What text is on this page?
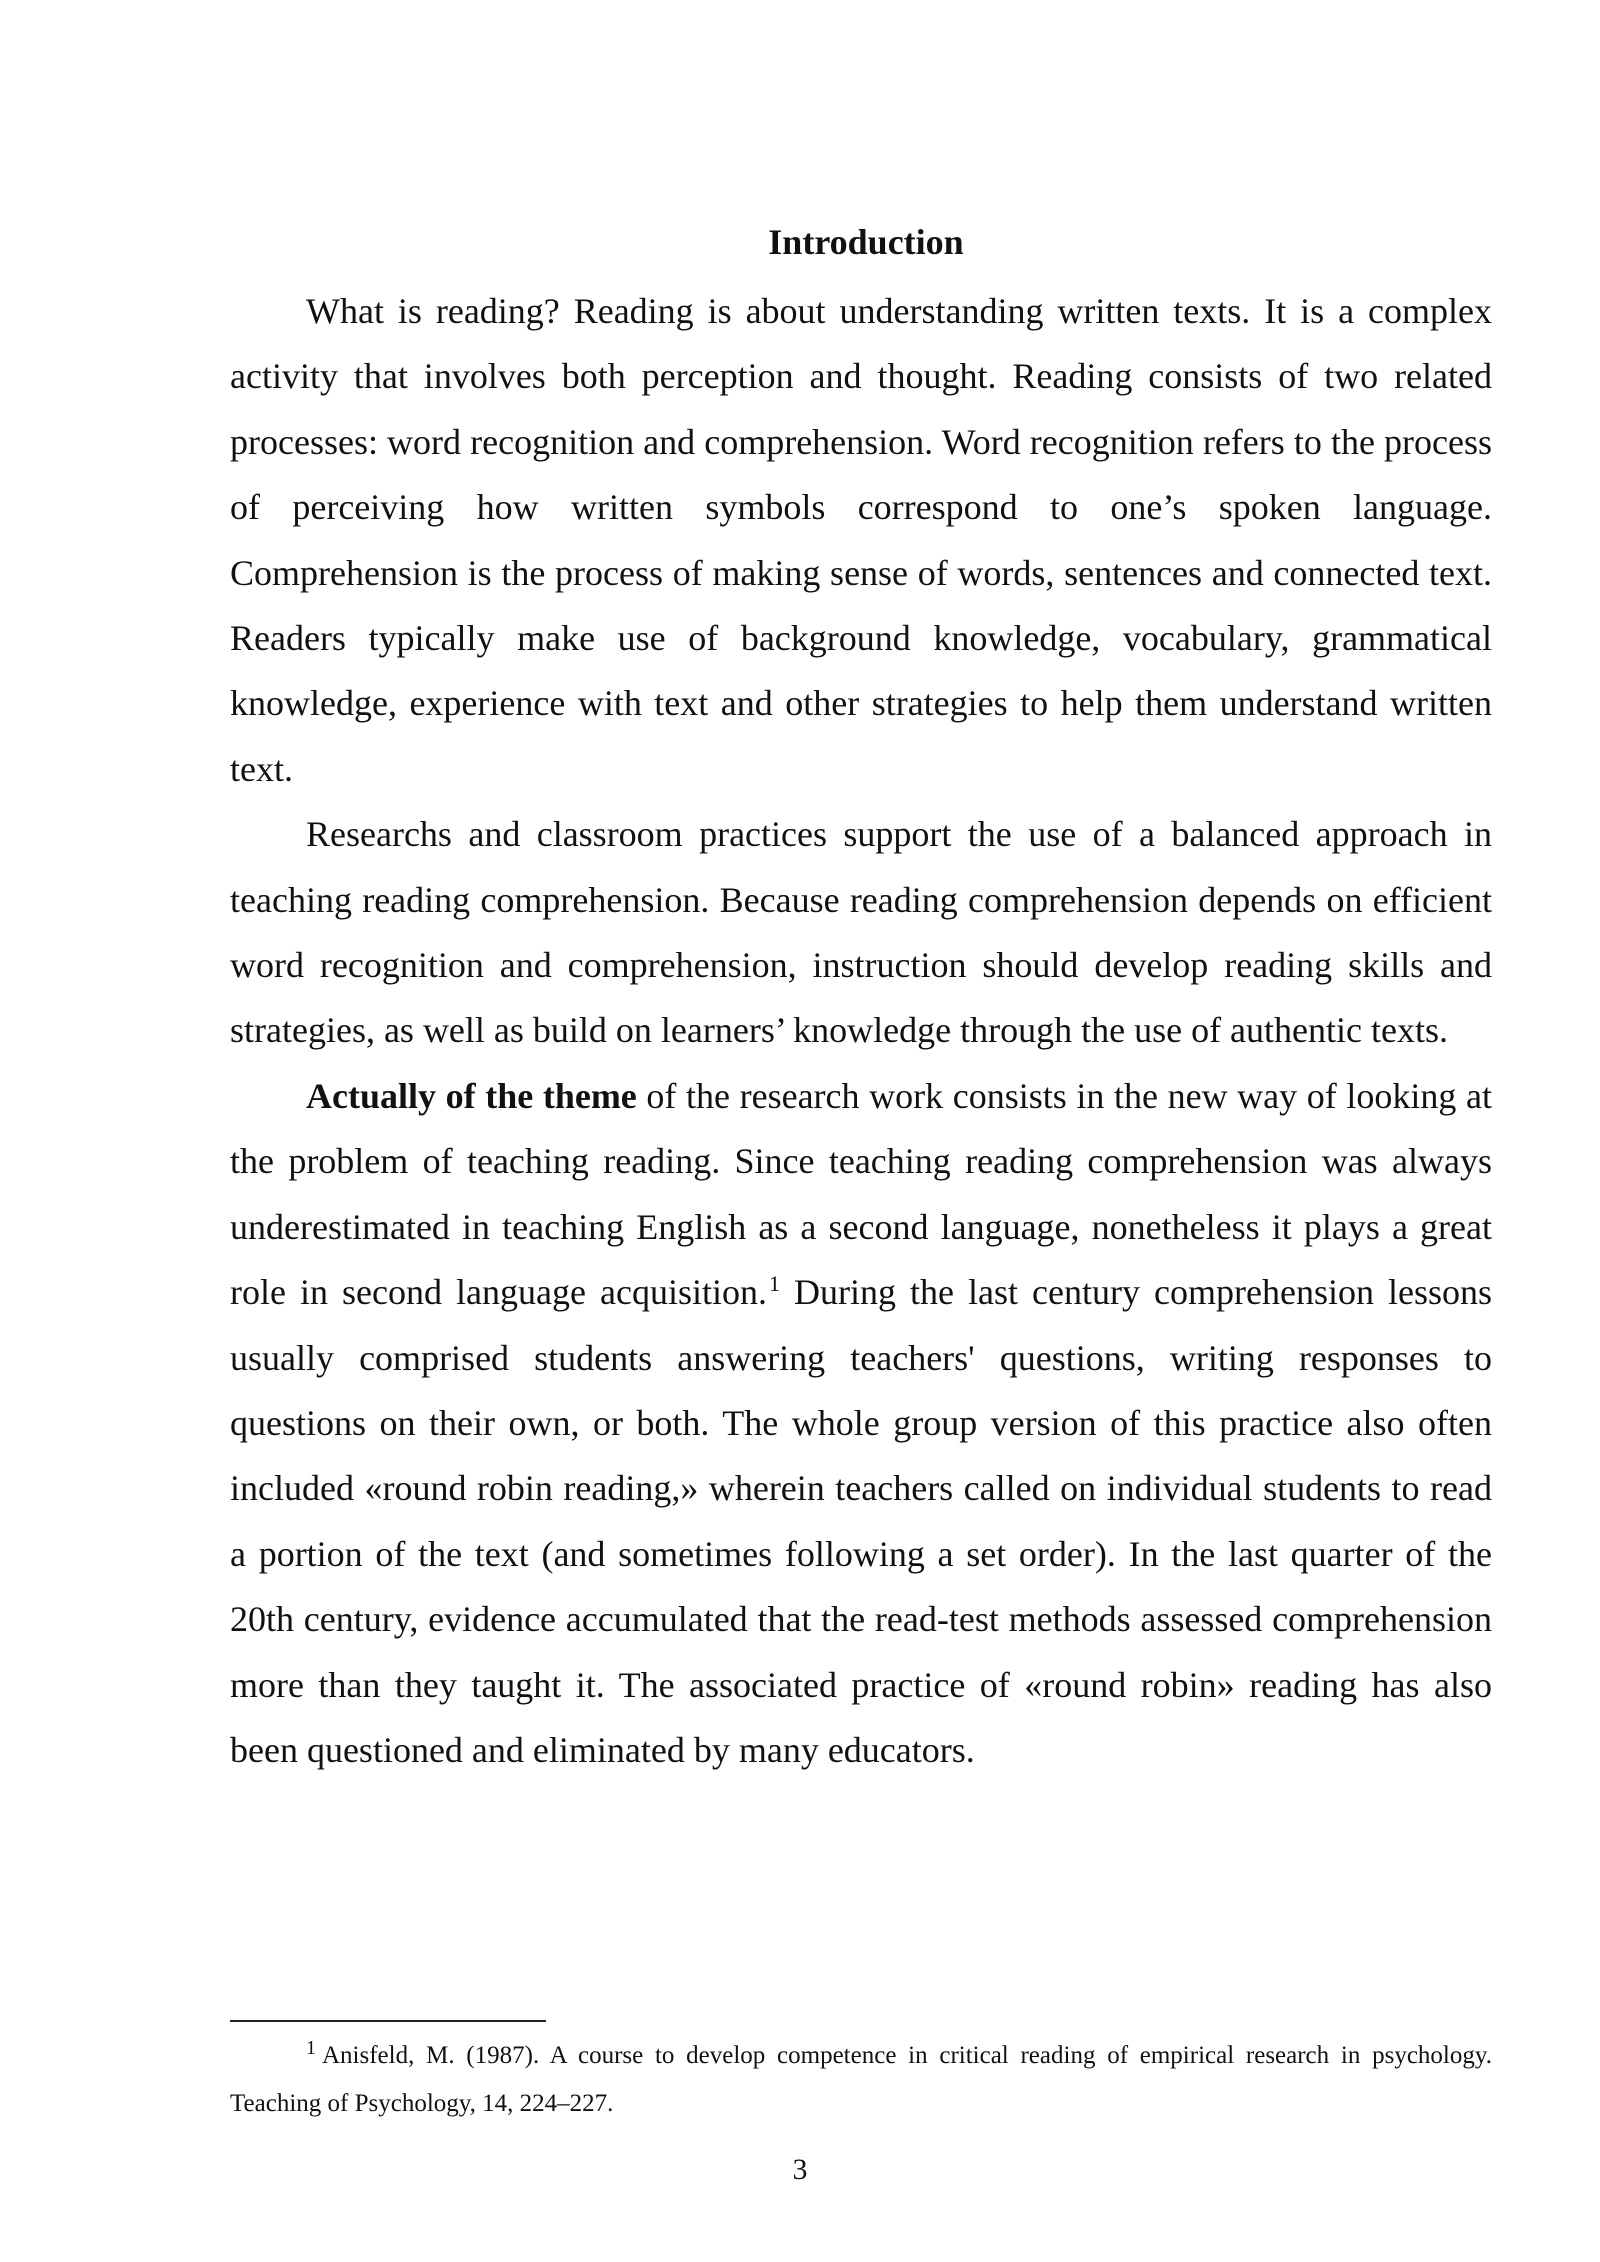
Introduction

What is reading? Reading is about understanding written texts. It is a complex activity that involves both perception and thought. Reading consists of two related processes: word recognition and comprehension. Word recognition refers to the process of perceiving how written symbols correspond to one’s spoken language. Comprehension is the process of making sense of words, sentences and connected text. Readers typically make use of background knowledge, vocabulary, grammatical knowledge, experience with text and other strategies to help them understand written text.

Researchs and classroom practices support the use of a balanced approach in teaching reading comprehension. Because reading comprehension depends on efficient word recognition and comprehension, instruction should develop reading skills and strategies, as well as build on learners’ knowledge through the use of authentic texts.

Actually of the theme of the research work consists in the new way of looking at the problem of teaching reading. Since teaching reading comprehension was always underestimated in teaching English as a second language, nonetheless it plays a great role in second language acquisition.$^1$ During the last century comprehension lessons usually comprised students answering teachers' questions, writing responses to questions on their own, or both. The whole group version of this practice also often included «round robin reading,» wherein teachers called on individual students to read a portion of the text (and sometimes following a set order). In the last quarter of the 20th century, evidence accumulated that the read-test methods assessed comprehension more than they taught it. The associated practice of «round robin» reading has also been questioned and eliminated by many educators.

$^1$ Anisfeld, M. (1987). A course to develop competence in critical reading of empirical research in psychology. Teaching of Psychology, 14, 224–227.

3
